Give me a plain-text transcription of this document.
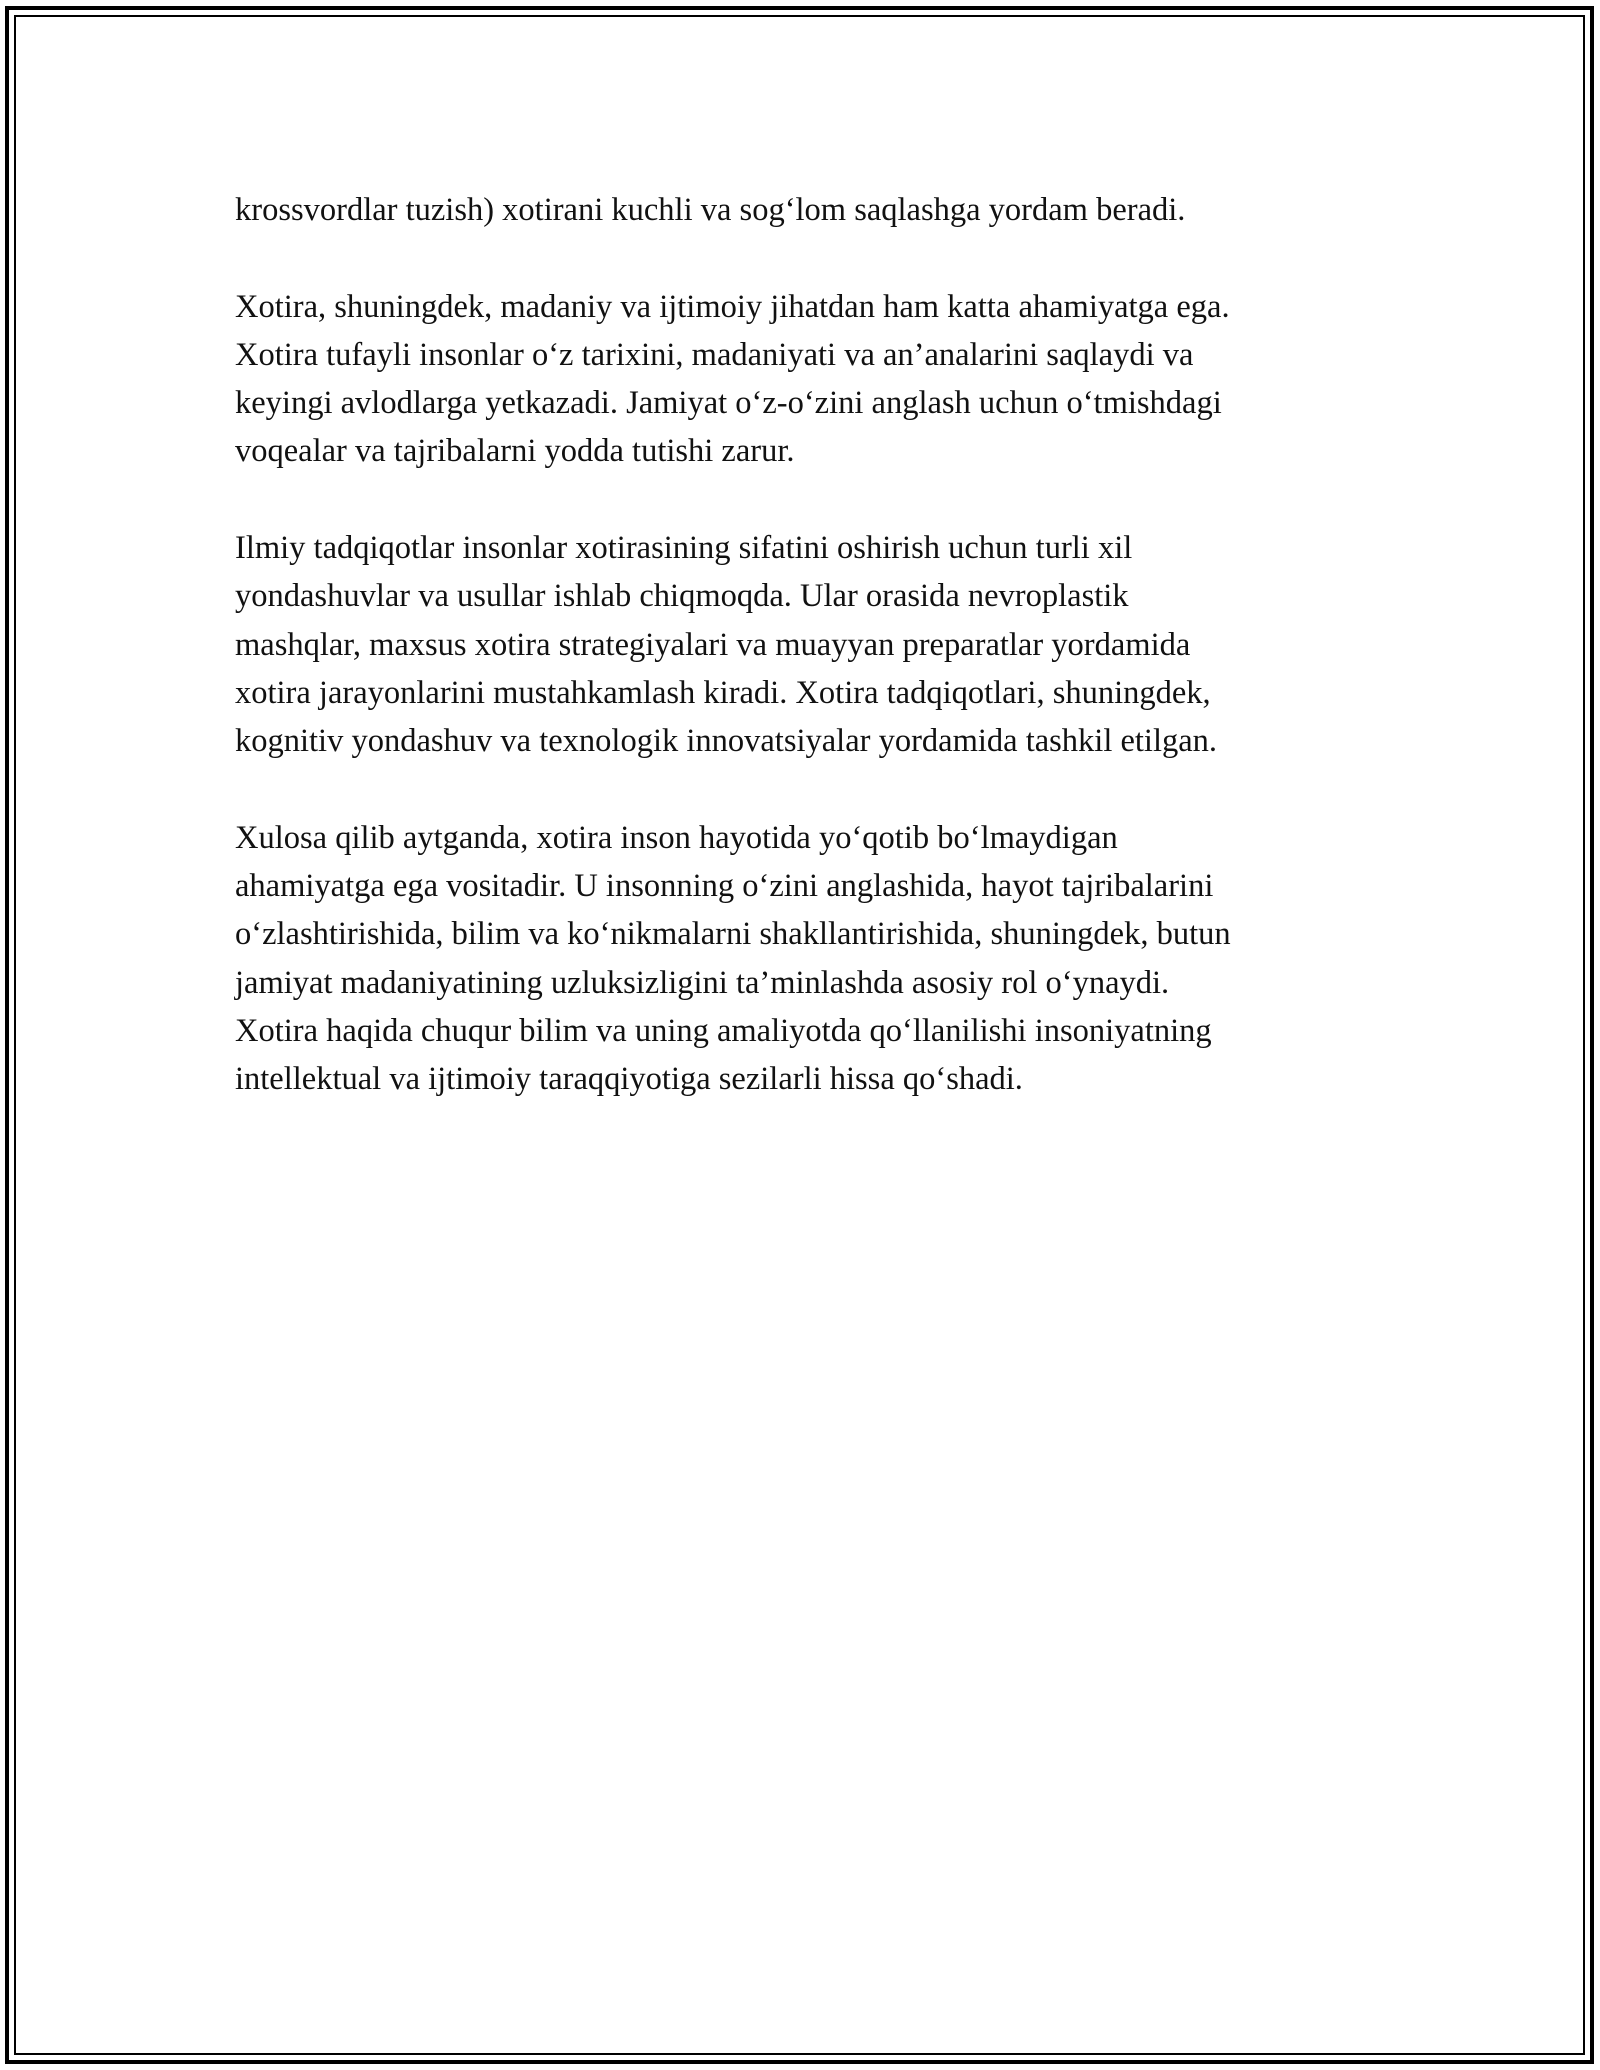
krossvordlar tuzish) xotirani kuchli va sog‘lom saqlashga yordam beradi.

Xotira, shuningdek, madaniy va ijtimoiy jihatdan ham katta ahamiyatga ega.
Xotira tufayli insonlar o‘z tarixini, madaniyati va an’analarini saqlaydi va
keyingi avlodlarga yetkazadi. Jamiyat o‘z-o‘zini anglash uchun o‘tmishdagi
voqealar va tajribalarni yodda tutishi zarur.

Ilmiy tadqiqotlar insonlar xotirasining sifatini oshirish uchun turli xil
yondashuvlar va usullar ishlab chiqmoqda. Ular orasida nevroplastik
mashqlar, maxsus xotira strategiyalari va muayyan preparatlar yordamida
xotira jarayonlarini mustahkamlash kiradi. Xotira tadqiqotlari, shuningdek,
kognitiv yondashuv va texnologik innovatsiyalar yordamida tashkil etilgan.

Xulosa qilib aytganda, xotira inson hayotida yo‘qotib bo‘lmaydigan
ahamiyatga ega vositadir. U insonning o‘zini anglashida, hayot tajribalarini
o‘zlashtirishida, bilim va ko‘nikmalarni shakllantirishida, shuningdek, butun
jamiyat madaniyatining uzluksizligini ta’minlashda asosiy rol o‘ynaydi.
Xotira haqida chuqur bilim va uning amaliyotda qo‘llanilishi insoniyatning
intellektual va ijtimoiy taraqqiyotiga sezilarli hissa qo‘shadi.
